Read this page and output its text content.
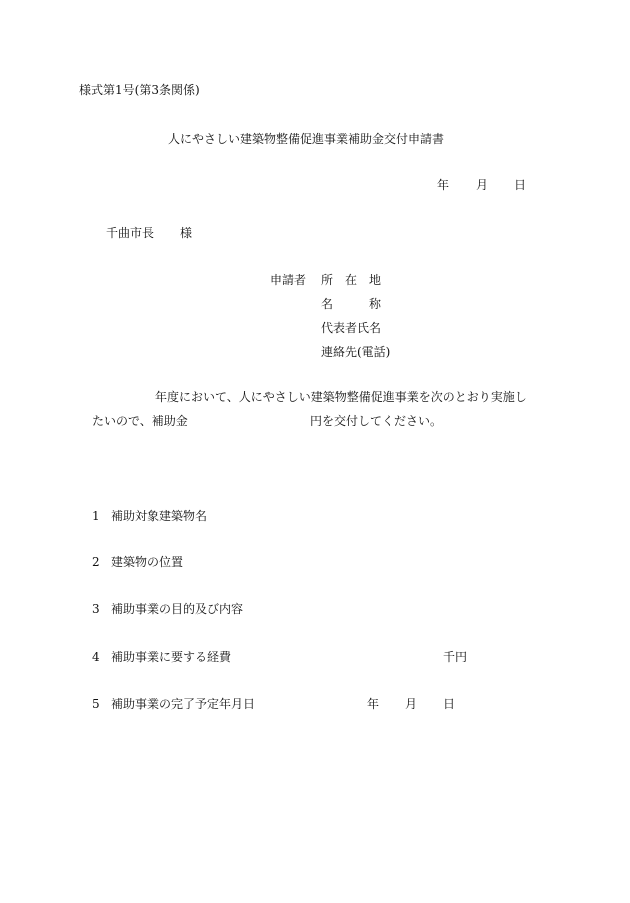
様式第1号(第3条関係)
人にやさしい建築物整備促進事業補助金交付申請書
年 月 日
千曲市長 様
申請者 所　在　地
名　　　称
代表者氏名
連絡先(電話)
年度において、人にやさしい建築物整備促進事業を次のとおり実施し
たいので、補助金	円を交付してください。
1 補助対象建築物名
2 建築物の位置
3 補助事業の目的及び内容
4 補助事業に要する経費	千円
5 補助事業の完了予定年月日	年 月 日
